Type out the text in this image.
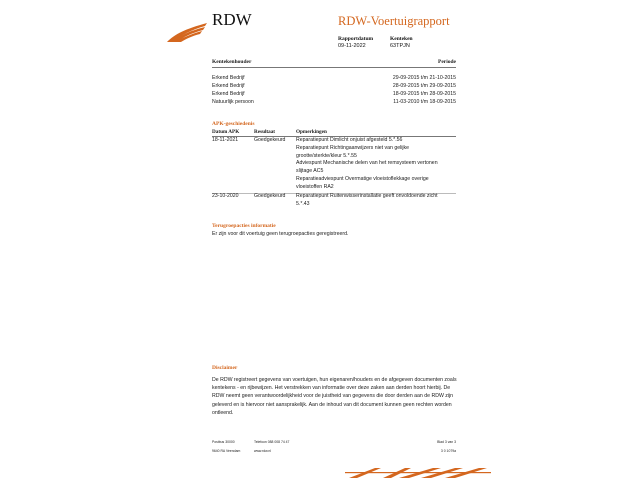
RDW	RDW-Voertuigrapport
Rapportdatum
09-11-2022
Kenteken
63TPJN
Kentekenhouder	Periode
Erkend Bedrijf	29-09-2015 t/m 21-10-2015
Erkend Bedrijf	28-09-2015 t/m 29-09-2015
Erkend Bedrijf	18-09-2015 t/m 28-09-2015
Natuurlijk persoon	11-03-2010 t/m 18-09-2015
APK-geschiedenis
Datum APK	Resultaat	Opmerkingen
18-11-2021	Goedgekeurd Reparatiepunt Dimlicht onjuist afgesteld 5.*.56
Reparatiepunt Richtingaanwijzers niet van gelijke
grootte/sterkte/kleur 5.*.55
Adviespunt Mechanische delen van het remsysteem vertonen
slijtage AC5
Reparatieadviespunt Overmatige vloeistoflekkage overige
vloeistoffen RA2
23-10-2020	Goedgekeurd Reparatiepunt Ruitenwisserinstallatie geeft onvoldoende zicht
5.*.43
Terugroepacties informatie
Er zijn voor dit voertuig geen terugroepacties geregistreerd.
Disclaimer
De RDW registreert gegevens van voertuigen, hun eigenaren/houders en de afgegeven documenten zoals
kentekens - en rijbewijzen. Het verstrekken van informatie over deze zaken aan derden hoort hierbij. De
RDW neemt geen verantwoordelijkheid voor de juistheid van gegevens die door derden aan de RDW zijn
geleverd en is hiervoor niet aansprakelijk. Aan de inhoud van dit document kunnen geen rechten worden
ontleend.
Postbus 30000
9640 RA Veendam
Telefoon 088 008 74 47
www.rdw.nl
Blad 3 van 3
3 0 1079a
